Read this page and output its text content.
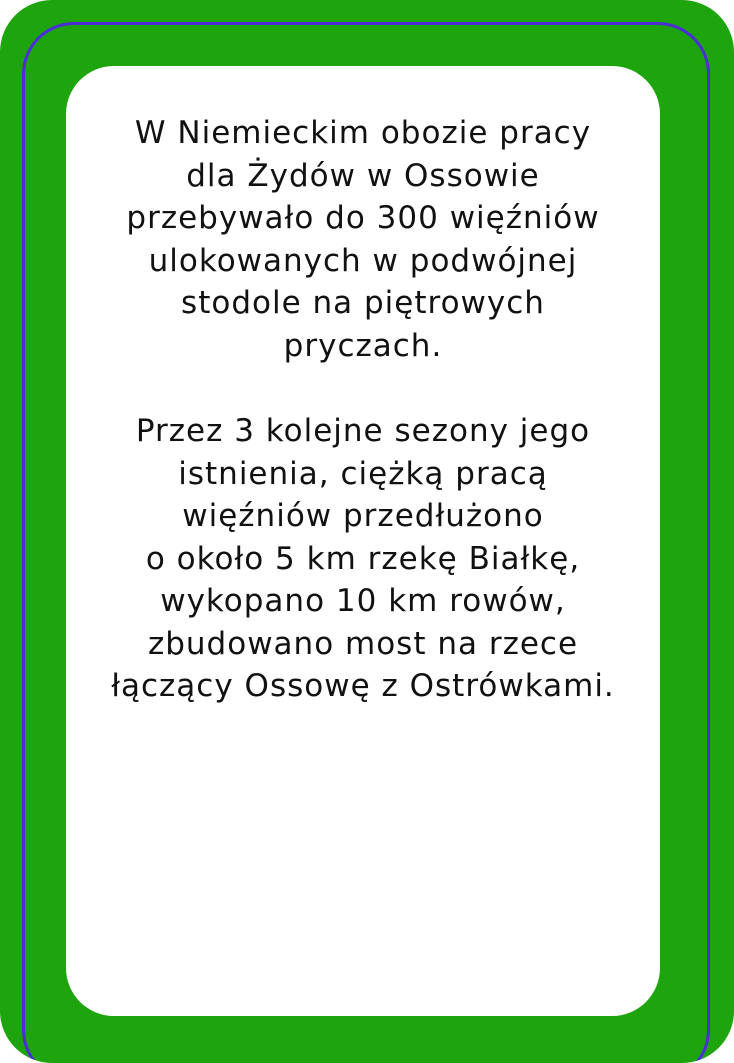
W Niemieckim obozie pracy
dla Żydów w Ossowie
przebywało do 300 więźniów
ulokowanych w podwójnej
stodole na piętrowych
pryczach.
Przez 3 kolejne sezony jego
istnienia, ciężką pracą
więźniów przedłużono
o około 5 km rzekę Białkę,
wykopano 10 km rowów,
zbudowano most na rzece
łączący Ossowę z Ostrówkami.
